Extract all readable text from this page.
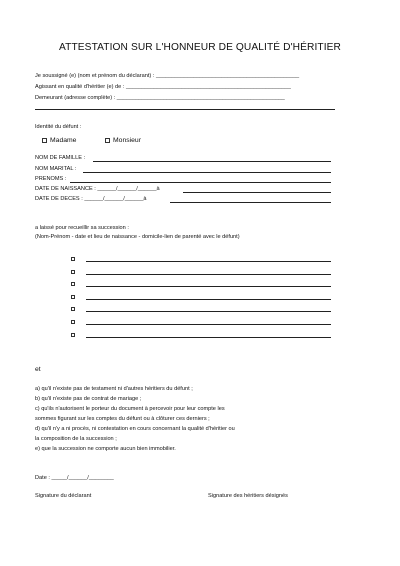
ATTESTATION SUR L'HONNEUR DE QUALITÉ D'HÉRITIER
Je soussigné (e) (nom et prénom du déclarant) : ______________________________________________
Agissant en qualité d'héritier (e) de : _____________________________________________________
Demeurant (adresse complète) : ______________________________________________________
Identité du défunt :
Madame	Monsieur
NOM DE FAMILLE :
NOM MARITAL :
PRENOMS :
DATE DE NAISSANCE : ______/______/______à
DATE DE DECES : ______/______/______à
a laissé pour recueillir sa succession :
(Nom-Prénom - date et lieu de naissance - domicile-lien de parenté avec le défunt)
et
a) qu'il n'existe pas de testament ni d'autres héritiers du défunt ;
b) qu'il n'existe pas de contrat de mariage ;
c) qu'ils n'autorisent le porteur du document à percevoir pour leur compte les
sommes figurant sur les comptes du défunt ou à clôturer ces derniers ;
d) qu'il n'y a ni procès, ni contestation en cours concernant la qualité d'héritier ou
la composition de la succession ;
e) que la succession ne comporte aucun bien immobilier.
Date : _____/______/________
Signature du déclarant	Signature des héritiers désignés
